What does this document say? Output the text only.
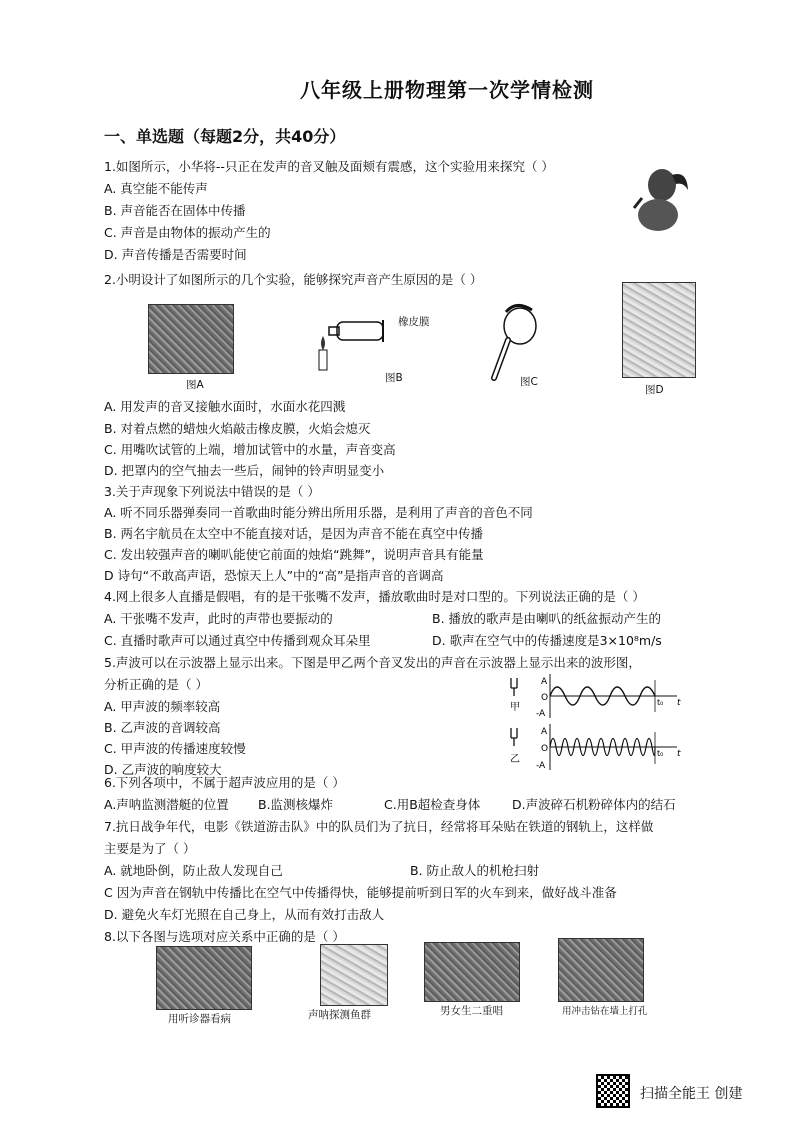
八年级上册物理第一次学情检测
一、单选题（每题2分，共40分）
1.如图所示，小华将--只正在发声的音叉触及面颊有震感，这个实验用来探究（ ）
A. 真空能不能传声
B. 声音能否在固体中传播
C. 声音是由物体的振动产生的
D. 声音传播是否需要时间
2.小明设计了如图所示的几个实验，能够探究声音产生原因的是（ ）
图A
橡皮膜
图B	图C
图D
A. 用发声的音叉接触水面时，水面水花四溅
B. 对着点燃的蜡烛火焰敲击橡皮膜，火焰会熄灭
C. 用嘴吹试管的上端，增加试管中的水量，声音变高
D. 把罩内的空气抽去一些后，闹钟的铃声明显变小
3.关于声现象下列说法中错误的是（ ）
A. 听不同乐器弹奏同一首歌曲时能分辨出所用乐器，是利用了声音的音色不同
B. 两名宇航员在太空中不能直接对话，是因为声音不能在真空中传播
C. 发出较强声音的喇叭能使它前面的烛焰“跳舞”，说明声音具有能量
D 诗句“不敢高声语，恐惊天上人”中的“高”是指声音的音调高
4.网上很多人直播是假唱，有的是干张嘴不发声，播放歌曲时是对口型的。下列说法正确的是（ ）
A. 干张嘴不发声，此时的声带也要振动的	B. 播放的歌声是由喇叭的纸盆振动产生的
C. 直播时歌声可以通过真空中传播到观众耳朵里	D. 歌声在空气中的传播速度是3×10⁸m/s
5.声波可以在示波器上显示出来。下图是甲乙两个音叉发出的声音在示波器上显示出来的波形图，
分析正确的是（ ）
A. 甲声波的频率较高
B. 乙声波的音调较高
C. 甲声波的传播速度较慢
D. 乙声波的响度较大
甲
乙
A
O
-A
t
t₀
A
O
-A
t
t₀
6.下列各项中，不属于超声波应用的是（ ）
A.声呐监测潜艇的位置 B.监测核爆炸	C.用B超检查身体	D.声波碎石机粉碎体内的结石
7.抗日战争年代，电影《铁道游击队》中的队员们为了抗日，经常将耳朵贴在铁道的钢轨上，这样做
主要是为了（ ）
A. 就地卧倒，防止敌人发现自己	B. 防止敌人的机枪扫射
C 因为声音在钢轨中传播比在空气中传播得快，能够提前听到日军的火车到来，做好战斗准备
D. 避免火车灯光照在自己身上，从而有效打击敌人
8.以下各图与选项对应关系中正确的是（ ）
用听诊器看病	声呐探测鱼群	男女生二重唱	用冲击钻在墙上打孔
扫描全能王 创建
